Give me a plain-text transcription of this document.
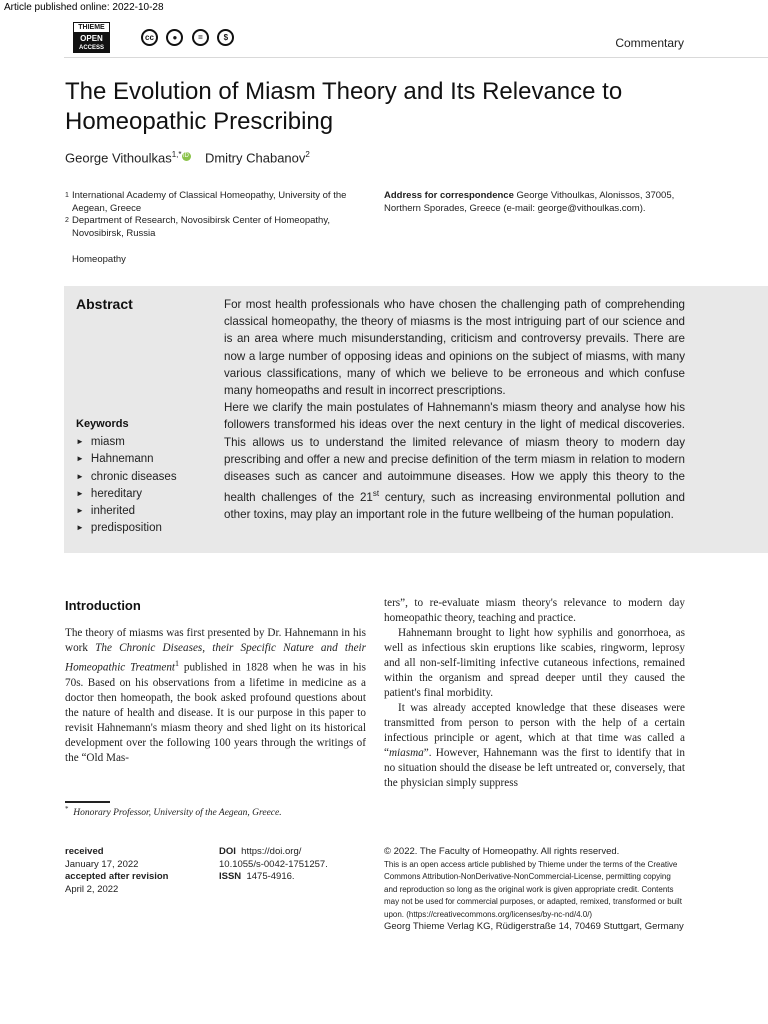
Article published online: 2022-10-28
THIEME
OPEN
ACCESS
cc ●	=	$	Commentary
The Evolution of Miasm Theory and Its Relevance to Homeopathic Prescribing
George Vithoulkas$^{1,*}$ iD Dmitry Chabanov$^2$
1 International Academy of Classical Homeopathy, University of the Aegean, Greece
2 Department of Research, Novosibirsk Center of Homeopathy, Novosibirsk, Russia
Homeopathy
Address for correspondence George Vithoulkas, Alonissos, 37005, Northern Sporades, Greece (e-mail: george@vithoulkas.com).
Abstract	For most health professionals who have chosen the challenging path of comprehending classical homeopathy, the theory of miasms is the most intriguing part of our science and is an area where much misunderstanding, criticism and controversy prevails. There are now a large number of opposing ideas and opinions on the subject of miasms, with many various classifications, many of which we believe to be erroneous and which confuse many homeopaths and result in incorrect prescriptions.

Here we clarify the main postulates of Hahnemann's miasm theory and analyse how his followers transformed his ideas over the next century in the light of medical discoveries. This allows us to understand the limited relevance of miasm theory to modern day prescribing and offer a new and precise definition of the term miasm in relation to modern diseases such as cancer and autoimmune diseases. How we apply this theory to the health challenges of the 21st century, such as increasing environmental pollution and other toxins, may play an important role in the future wellbeing of the human population.

Keywords
► miasm
► Hahnemann
► chronic diseases
► hereditary
► inherited
► predisposition
Introduction

The theory of miasms was first presented by Dr. Hahnemann in his work The Chronic Diseases, their Specific Nature and their Homeopathic Treatment$^1$ published in 1828 when he was in his 70s. Based on his observations from a lifetime in medicine as a doctor then homeopath, the book asked profound questions about the nature of health and disease. It is our purpose in this paper to revisit Hahnemann's miasm theory and shed light on its historical development over the following 100 years through the writings of the “Old Mas-

ters”, to re-evaluate miasm theory's relevance to modern day homeopathic theory, teaching and practice.

Hahnemann brought to light how syphilis and gonorrhoea, as well as infectious skin eruptions like scabies, ringworm, leprosy and all non-self-limiting infective cutaneous infections, remained within the organism and spread deeper until they caused the patient's final morbidity.

It was already accepted knowledge that these diseases were transmitted from person to person with the help of a certain infectious principle or agent, which at that time was called a “miasma”. However, Hahnemann was the first to identify that in no situation should the disease be left untreated or, conversely, that the physician simply suppress

* Honorary Professor, University of the Aegean, Greece.
received
January 17, 2022
accepted after revision
April 2, 2022
DOI https://doi.org/
10.1055/s-0042-1751257.
ISSN 1475-4916.
© 2022. The Faculty of Homeopathy. All rights reserved.
This is an open access article published by Thieme under the terms of the Creative Commons Attribution-NonDerivative-NonCommercial-License, permitting copying and reproduction so long as the original work is given appropriate credit. Contents may not be used for commercial purposes, or adapted, remixed, transformed or built upon. (https://creativecommons.org/licenses/by-nc-nd/4.0/)
Georg Thieme Verlag KG, Rüdigerstraße 14, 70469 Stuttgart, Germany
